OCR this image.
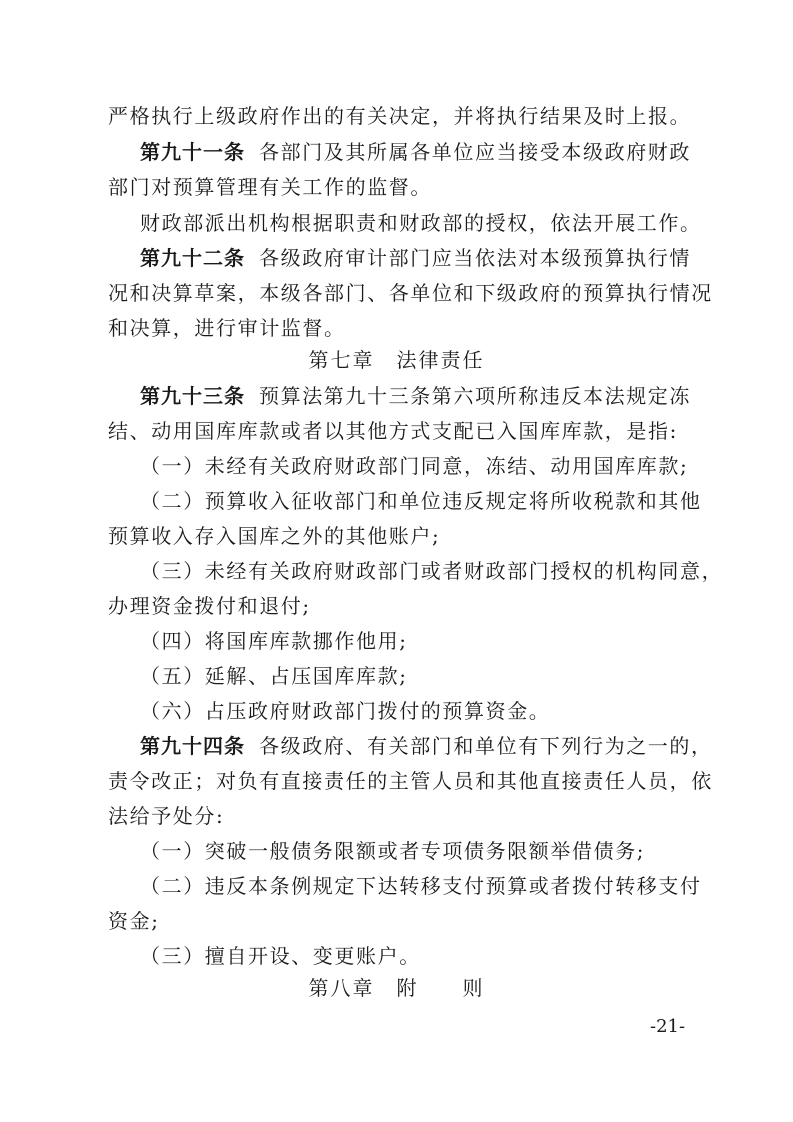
严格执行上级政府作出的有关决定，并将执行结果及时上报。
第九十一条 各部门及其所属各单位应当接受本级政府财政
部门对预算管理有关工作的监督。
财政部派出机构根据职责和财政部的授权，依法开展工作。
第九十二条 各级政府审计部门应当依法对本级预算执行情
况和决算草案，本级各部门、各单位和下级政府的预算执行情况
和决算，进行审计监督。
第七章　法律责任
第九十三条 预算法第九十三条第六项所称违反本法规定冻
结、动用国库库款或者以其他方式支配已入国库库款，是指:
（一）未经有关政府财政部门同意，冻结、动用国库库款;
（二）预算收入征收部门和单位违反规定将所收税款和其他
预算收入存入国库之外的其他账户;
（三）未经有关政府财政部门或者财政部门授权的机构同意，
办理资金拨付和退付;
（四）将国库库款挪作他用;
（五）延解、占压国库库款;
（六）占压政府财政部门拨付的预算资金。
第九十四条 各级政府、有关部门和单位有下列行为之一的，
责令改正；对负有直接责任的主管人员和其他直接责任人员，依
法给予处分:
（一）突破一般债务限额或者专项债务限额举借债务;
（二）违反本条例规定下达转移支付预算或者拨付转移支付
资金;
（三）擅自开设、变更账户。
第八章　附　　则
-21-
